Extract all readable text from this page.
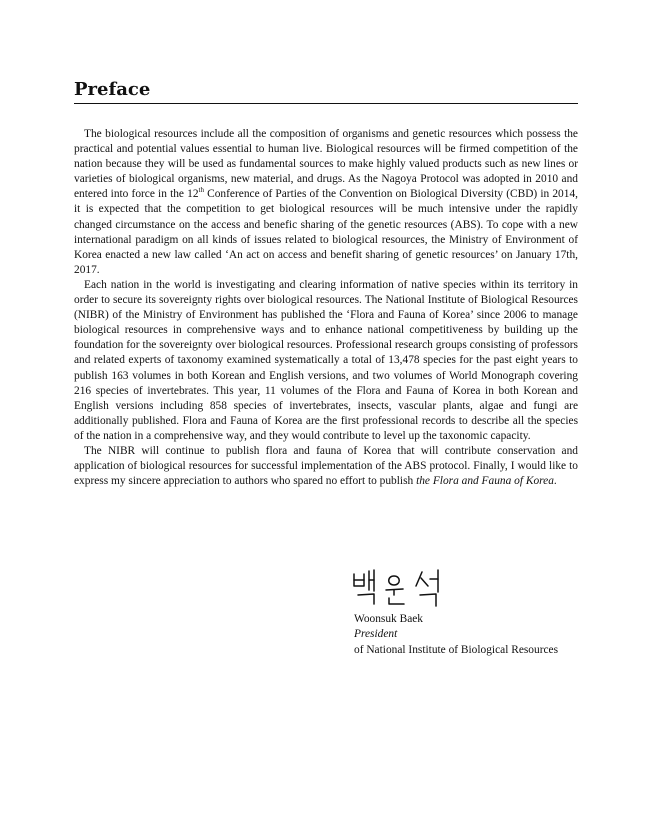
Preface

The biological resources include all the composition of organisms and genetic resources which possess the practical and potential values essential to human live. Biological resources will be firmed competition of the nation because they will be used as fundamental sources to make highly valued products such as new lines or varieties of biological organisms, new material, and drugs. As the Nagoya Protocol was adopted in 2010 and entered into force in the 12th Conference of Parties of the Convention on Biological Diversity (CBD) in 2014, it is expected that the competition to get biological resources will be much intensive under the rapidly changed circumstance on the access and benefic sharing of the genetic resources (ABS). To cope with a new international paradigm on all kinds of issues related to biological resources, the Ministry of Environment of Korea enacted a new law called ‘An act on access and benefit sharing of genetic resources’ on January 17th, 2017.

Each nation in the world is investigating and clearing information of native species within its territory in order to secure its sovereignty rights over biological resources. The National Institute of Biological Resources (NIBR) of the Ministry of Environment has published the ‘Flora and Fauna of Korea’ since 2006 to manage biological resources in comprehensive ways and to enhance national competitiveness by building up the foundation for the sovereignty over biological resources. Professional research groups consisting of professors and related experts of taxonomy examined systematically a total of 13,478 species for the past eight years to publish 163 volumes in both Korean and English versions, and two volumes of World Monograph covering 216 species of invertebrates. This year, 11 volumes of the Flora and Fauna of Korea in both Korean and English versions including 858 species of invertebrates, insects, vascular plants, algae and fungi are additionally published. Flora and Fauna of Korea are the first professional records to describe all the species of the nation in a comprehensive way, and they would contribute to level up the taxonomic capacity.

The NIBR will continue to publish flora and fauna of Korea that will contribute conservation and application of biological resources for successful implementation of the ABS protocol. Finally, I would like to express my sincere appreciation to authors who spared no effort to publish the Flora and Fauna of Korea.

Woonsuk Baek
President
of National Institute of Biological Resources
